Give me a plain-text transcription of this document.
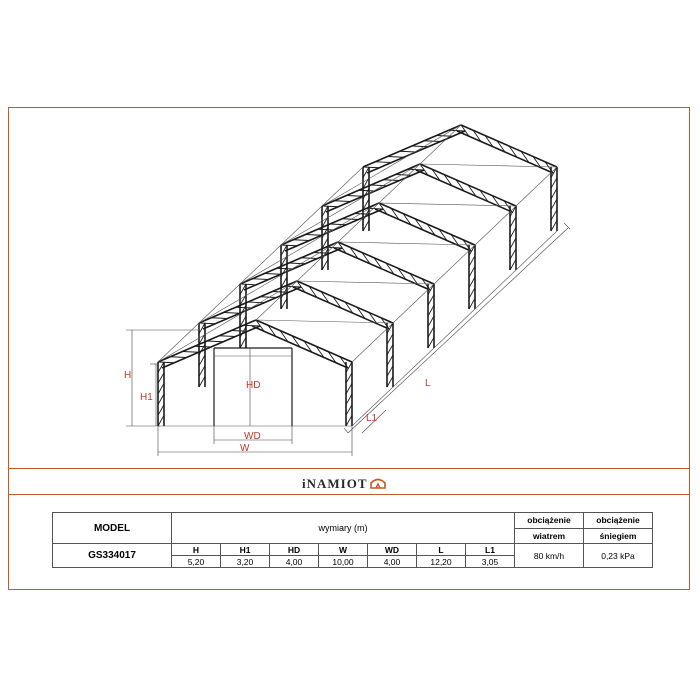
H
H1
HD
WD
W
L
L1
iNAMIOT
MODEL	wymiary (m)							obciążenie	obciążenie
								wiatrem	śniegiem
GS334017	H	H1	HD	W	WD	L	L1	80 km/h	0,23 kPa
	5,20	3,20	4,00	10,00	4,00	12,20	3,05		
